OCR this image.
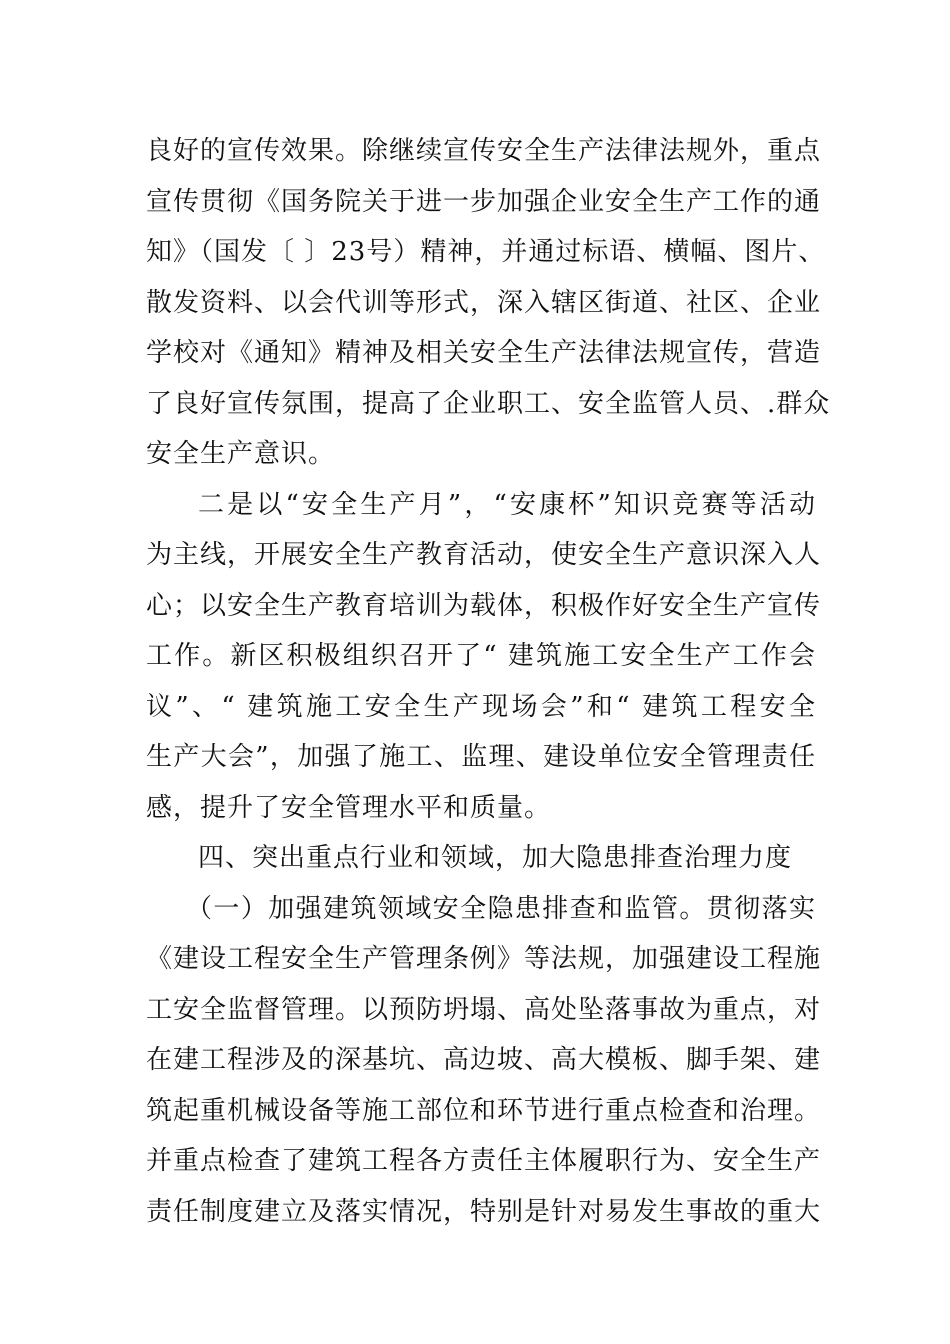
良好的宣传效果。除继续宣传安全生产法律法规外，重点
宣传贯彻《国务院关于进一步加强企业安全生产工作的通
知》（国发〔 〕23号）精神，并通过标语、横幅、图片、
散发资料、以会代训等形式，深入辖区街道、社区、企业
学校对《通知》精神及相关安全生产法律法规宣传，营造
了良好宣传氛围，提高了企业职工、安全监管人员、.群众
安全生产意识。
二是以“安全生产月”，“安康杯”知识竞赛等活动
为主线，开展安全生产教育活动，使安全生产意识深入人
心；以安全生产教育培训为载体，积极作好安全生产宣传
工作。新区积极组织召开了“ 建筑施工安全生产工作会
议”、“ 建筑施工安全生产现场会”和“ 建筑工程安全
生产大会”，加强了施工、监理、建设单位安全管理责任
感，提升了安全管理水平和质量。
四、突出重点行业和领域，加大隐患排查治理力度
（一）加强建筑领域安全隐患排查和监管。贯彻落实
《建设工程安全生产管理条例》等法规，加强建设工程施
工安全监督管理。以预防坍塌、高处坠落事故为重点，对
在建工程涉及的深基坑、高边坡、高大模板、脚手架、建
筑起重机械设备等施工部位和环节进行重点检查和治理。
并重点检查了建筑工程各方责任主体履职行为、安全生产
责任制度建立及落实情况，特别是针对易发生事故的重大
